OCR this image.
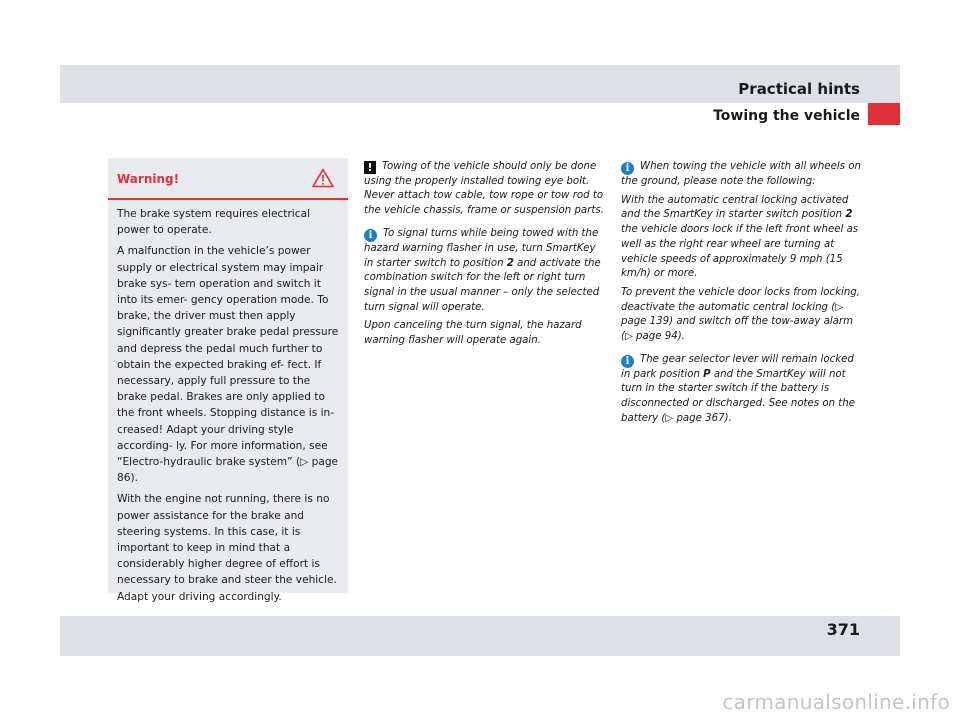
Practical hints
Towing the vehicle
Warning!

The brake system requires electrical power to operate.

A malfunction in the vehicle’s power supply or electrical system may impair brake sys- tem operation and switch it into its emer- gency operation mode. To brake, the driver must then apply significantly greater brake pedal pressure and depress the pedal much further to obtain the expected braking ef- fect. If necessary, apply full pressure to the brake pedal. Brakes are only applied to the front wheels. Stopping distance is in- creased! Adapt your driving style according- ly. For more information, see “Electro-hydraulic brake system” (▷ page 86).

With the engine not running, there is no power assistance for the brake and steering systems. In this case, it is important to keep in mind that a considerably higher degree of effort is necessary to brake and steer the vehicle. Adapt your driving accordingly.

! Towing of the vehicle should only be done using the properly installed towing eye bolt. Never attach tow cable, tow rope or tow rod to the vehicle chassis, frame or suspension parts.

i To signal turns while being towed with the hazard warning flasher in use, turn SmartKey in starter switch to position 2 and activate the combination switch for the left or right turn signal in the usual manner – only the selected turn signal will operate.

Upon canceling the turn signal, the hazard warning flasher will operate again.

i When towing the vehicle with all wheels on the ground, please note the following:

With the automatic central locking activated and the SmartKey in starter switch position 2 the vehicle doors lock if the left front wheel as well as the right rear wheel are turning at vehicle speeds of approximately 9 mph (15 km/h) or more.

To prevent the vehicle door locks from locking, deactivate the automatic central locking (▷ page 139) and switch off the tow-away alarm (▷ page 94).

i The gear selector lever will remain locked in park position P and the SmartKey will not turn in the starter switch if the battery is disconnected or discharged. See notes on the battery (▷ page 367).

371
carmanualsonline.info
